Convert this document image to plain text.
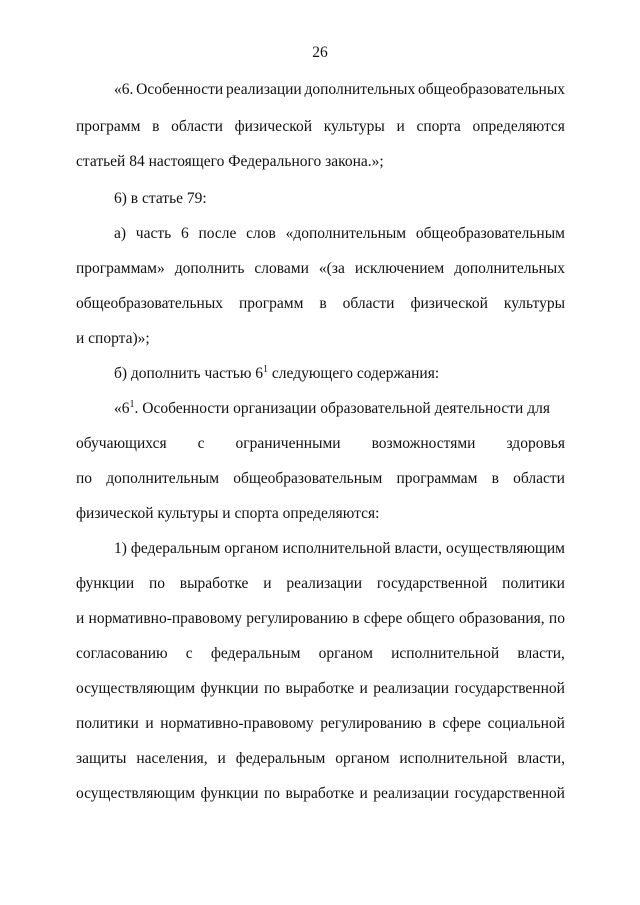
26
«6. Особенности реализации дополнительных общеобразовательных
программ в области физической культуры и спорта определяются
статьей 84 настоящего Федерального закона.»;
6) в статье 79:
а) часть 6 после слов «дополнительным общеобразовательным
программам» дополнить словами «(за исключением дополнительных
общеобразовательных программ в области физической культуры
и спорта)»;
б) дополнить частью $6^1$ следующего содержания:
«$6^1$. Особенности организации образовательной деятельности для
обучающихся с ограниченными возможностями здоровья
по дополнительным общеобразовательным программам в области
физической культуры и спорта определяются:
1) федеральным органом исполнительной власти, осуществляющим
функции по выработке и реализации государственной политики
и нормативно-правовому регулированию в сфере общего образования, по
согласованию с федеральным органом исполнительной власти,
осуществляющим функции по выработке и реализации государственной
политики и нормативно-правовому регулированию в сфере социальной
защиты населения, и федеральным органом исполнительной власти,
осуществляющим функции по выработке и реализации государственной
